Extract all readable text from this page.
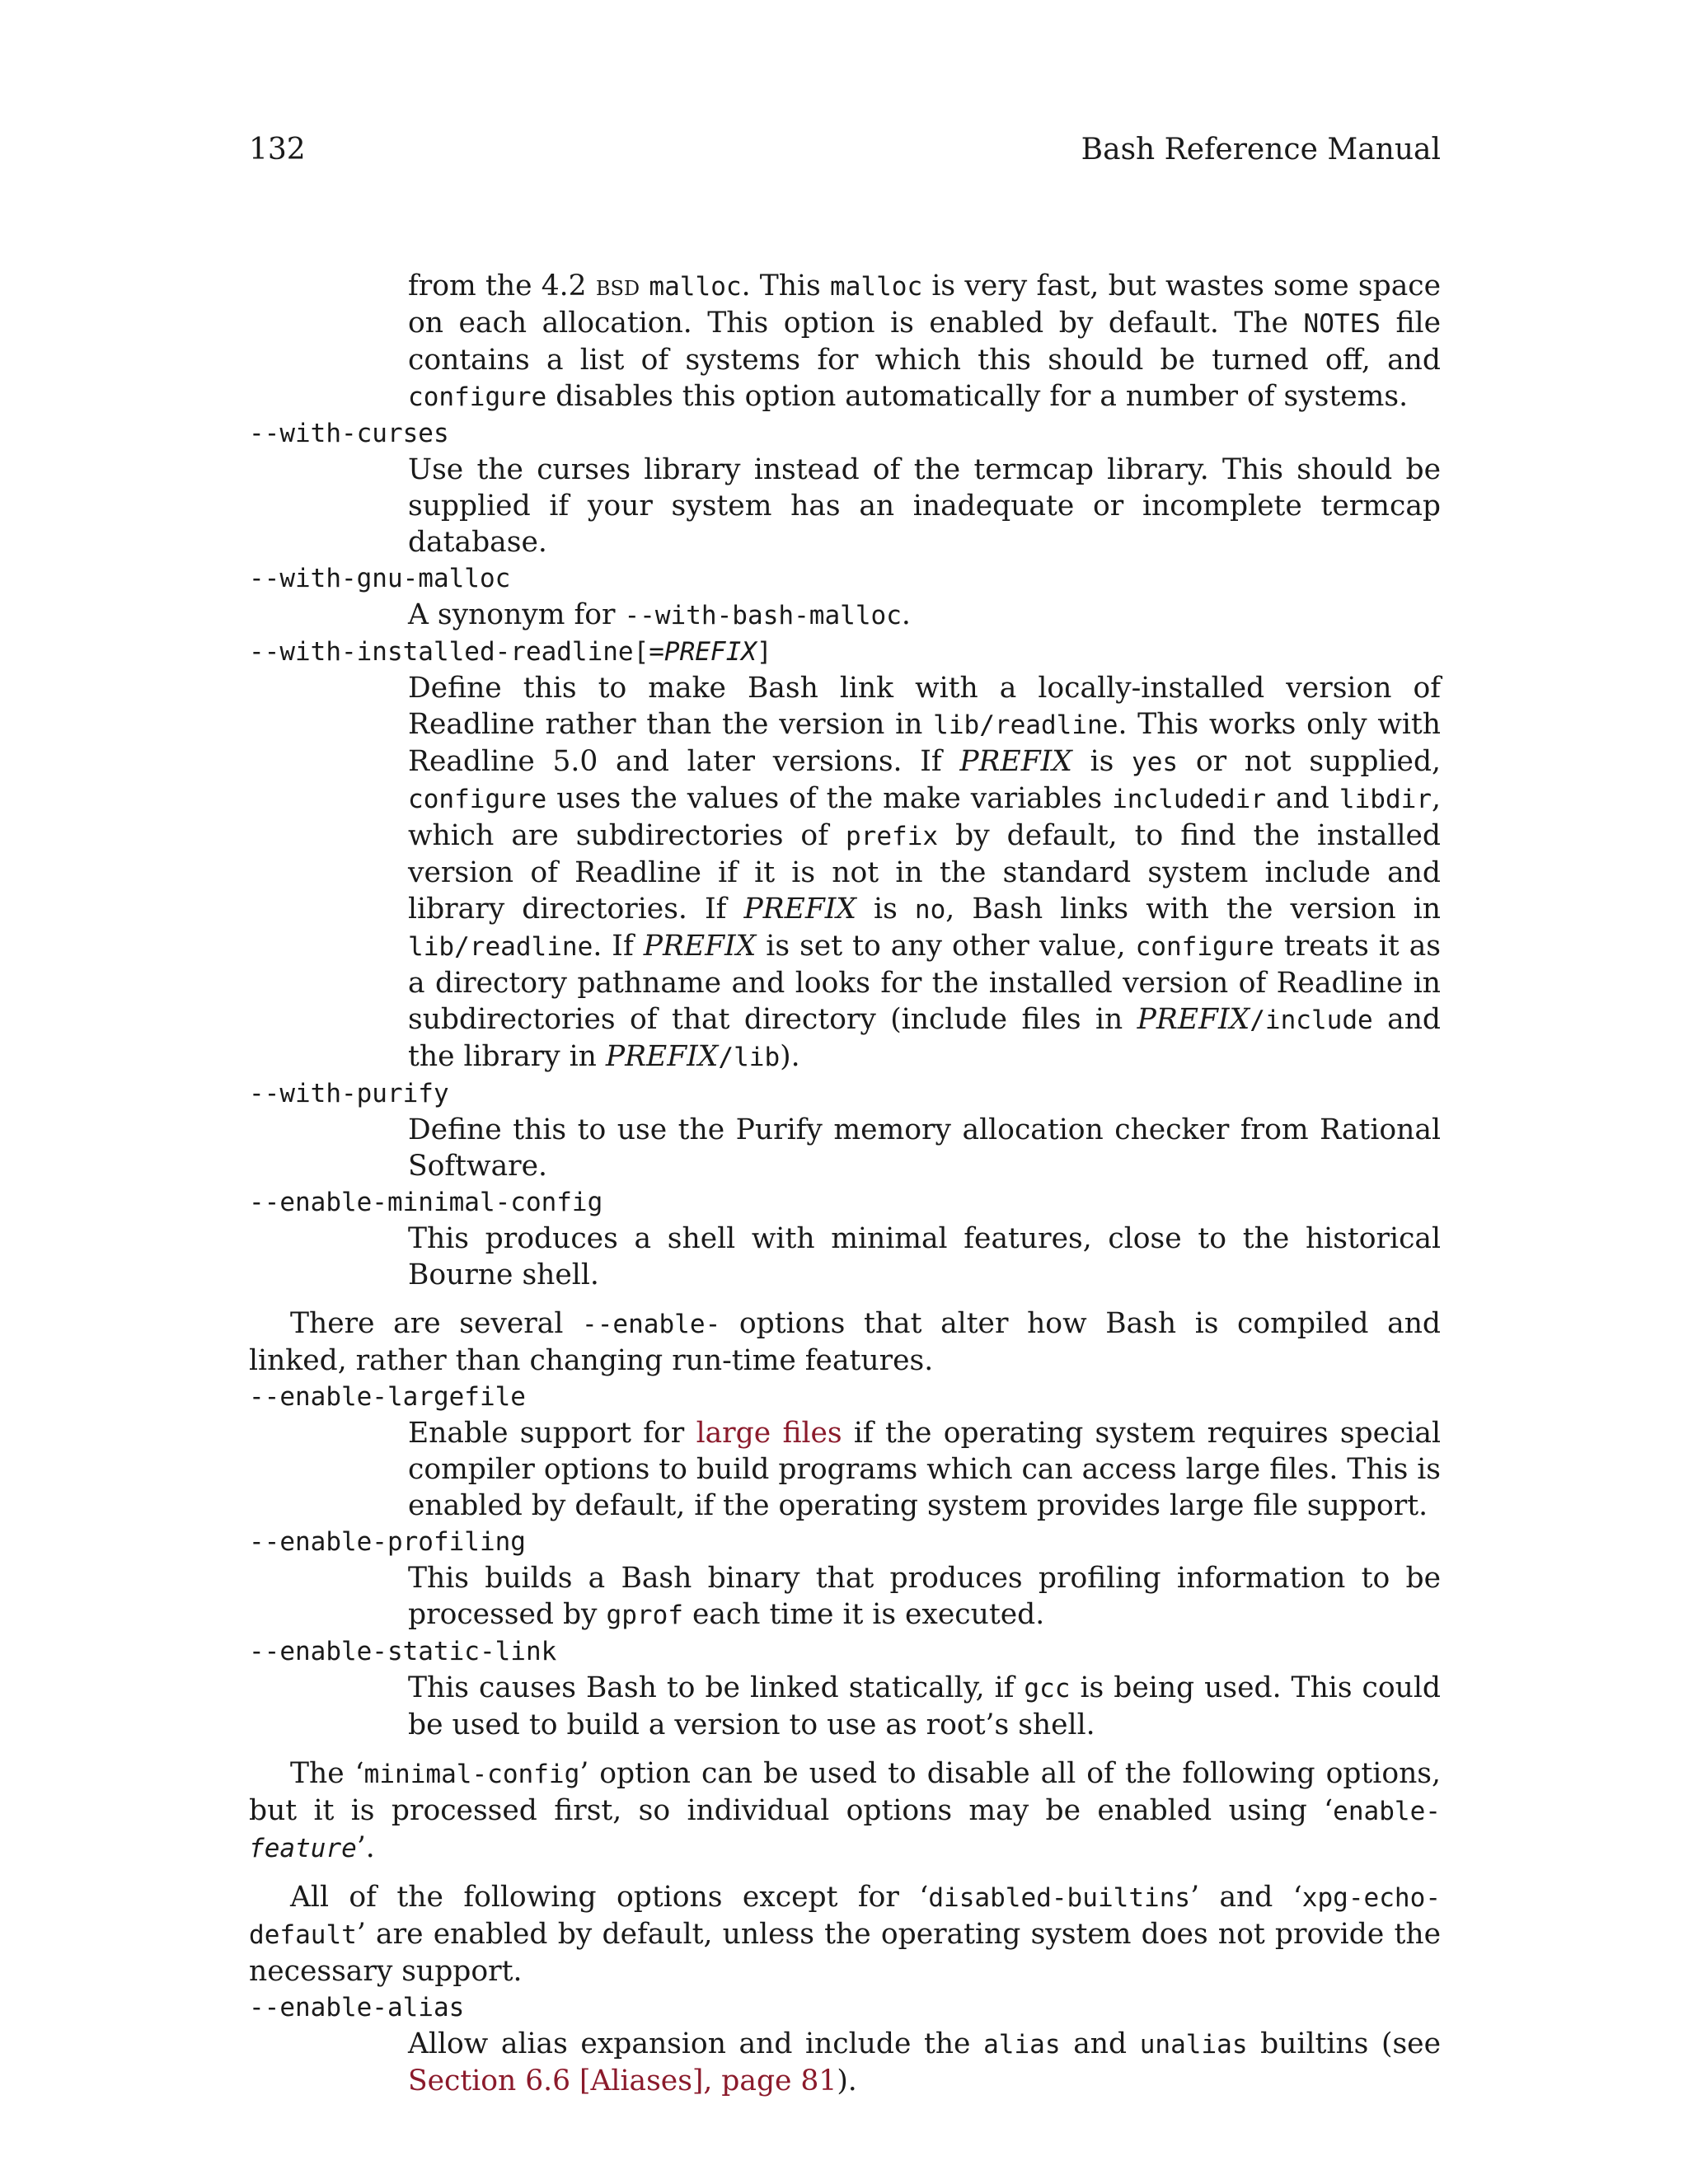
132	Bash Reference Manual

from the 4.2 bsd malloc. This malloc is very fast, but wastes some space on each allocation. This option is enabled by default. The NOTES file contains a list of systems for which this should be turned off, and configure disables this option automatically for a number of systems.

--with-curses

Use the curses library instead of the termcap library. This should be supplied if your system has an inadequate or incomplete termcap database.

--with-gnu-malloc

A synonym for --with-bash-malloc.

--with-installed-readline[=PREFIX]

Define this to make Bash link with a locally-installed version of Readline rather than the version in lib/readline. This works only with Readline 5.0 and later versions. If PREFIX is yes or not supplied, configure uses the values of the make variables includedir and libdir, which are subdirectories of prefix by default, to find the installed version of Readline if it is not in the standard system include and library directories. If PREFIX is no, Bash links with the version in lib/readline. If PREFIX is set to any other value, configure treats it as a directory pathname and looks for the installed version of Readline in subdirectories of that directory (include files in PREFIX/include and the library in PREFIX/lib).

--with-purify

Define this to use the Purify memory allocation checker from Rational Software.

--enable-minimal-config

This produces a shell with minimal features, close to the historical Bourne shell.

There are several --enable- options that alter how Bash is compiled and linked, rather than changing run-time features.

--enable-largefile

Enable support for large files if the operating system requires special compiler options to build programs which can access large files. This is enabled by default, if the operating system provides large file support.

--enable-profiling

This builds a Bash binary that produces profiling information to be processed by gprof each time it is executed.

--enable-static-link

This causes Bash to be linked statically, if gcc is being used. This could be used to build a version to use as root’s shell.

The ‘minimal-config’ option can be used to disable all of the following options, but it is processed first, so individual options may be enabled using ‘enable-feature’.

All of the following options except for ‘disabled-builtins’ and ‘xpg-echo-default’ are enabled by default, unless the operating system does not provide the necessary support.

--enable-alias

Allow alias expansion and include the alias and unalias builtins (see Section 6.6 [Aliases], page 81).
